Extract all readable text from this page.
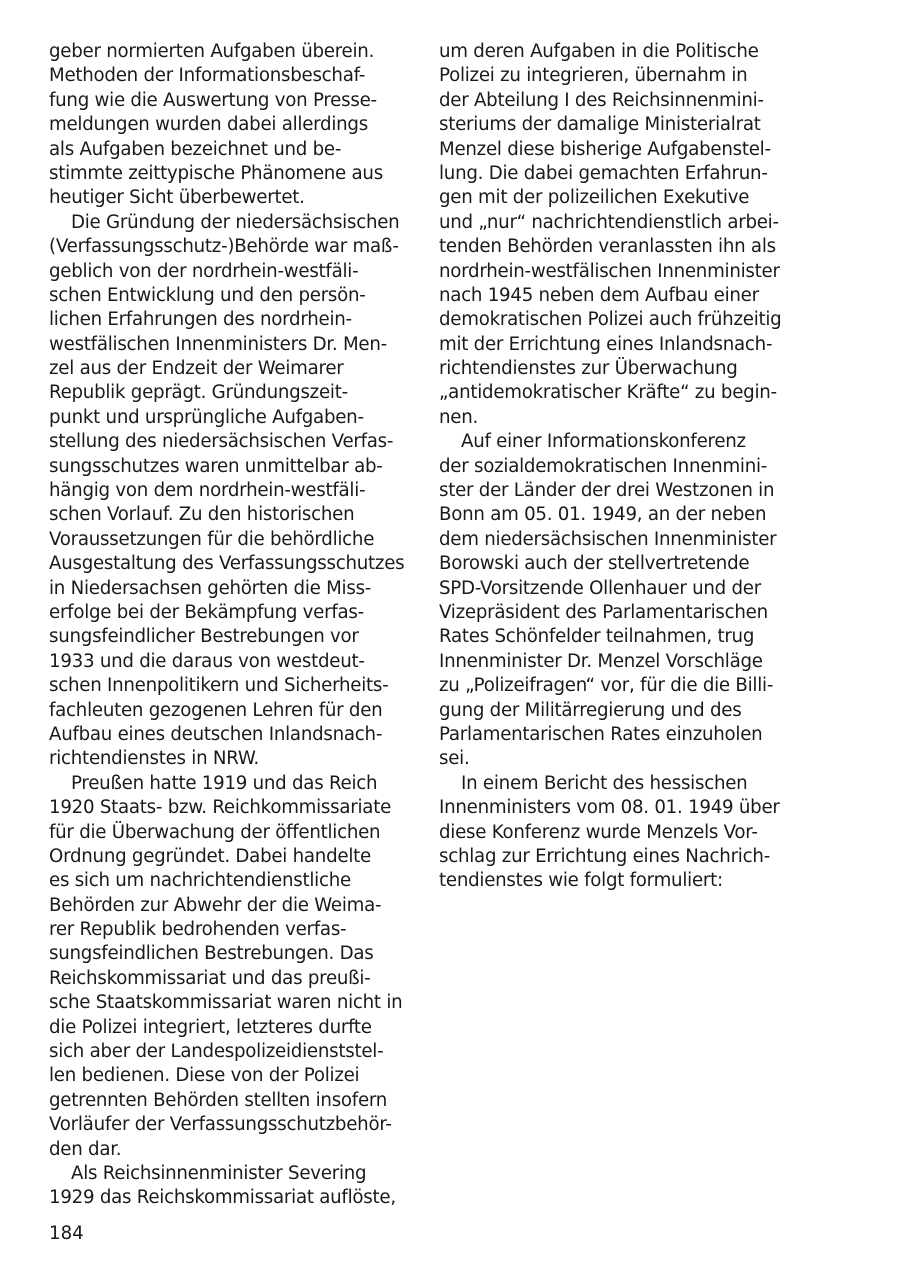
geber normierten Aufgaben überein.
Methoden der Informationsbeschaf-
fung wie die Auswertung von Presse-
meldungen wurden dabei allerdings
als Aufgaben bezeichnet und be-
stimmte zeittypische Phänomene aus
heutiger Sicht überbewertet.
Die Gründung der niedersächsischen
(Verfassungsschutz-)Behörde war maß-
geblich von der nordrhein-westfäli-
schen Entwicklung und den persön-
lichen Erfahrungen des nordrhein-
westfälischen Innenministers Dr. Men-
zel aus der Endzeit der Weimarer
Republik geprägt. Gründungszeit-
punkt und ursprüngliche Aufgaben-
stellung des niedersächsischen Verfas-
sungsschutzes waren unmittelbar ab-
hängig von dem nordrhein-westfäli-
schen Vorlauf. Zu den historischen
Voraussetzungen für die behördliche
Ausgestaltung des Verfassungsschutzes
in Niedersachsen gehörten die Miss-
erfolge bei der Bekämpfung verfas-
sungsfeindlicher Bestrebungen vor
1933 und die daraus von westdeut-
schen Innenpolitikern und Sicherheits-
fachleuten gezogenen Lehren für den
Aufbau eines deutschen Inlandsnach-
richtendienstes in NRW.
Preußen hatte 1919 und das Reich
1920 Staats- bzw. Reichkommissariate
für die Überwachung der öffentlichen
Ordnung gegründet. Dabei handelte
es sich um nachrichtendienstliche
Behörden zur Abwehr der die Weima-
rer Republik bedrohenden verfas-
sungsfeindlichen Bestrebungen. Das
Reichskommissariat und das preußi-
sche Staatskommissariat waren nicht in
die Polizei integriert, letzteres durfte
sich aber der Landespolizeidienststel-
len bedienen. Diese von der Polizei
getrennten Behörden stellten insofern
Vorläufer der Verfassungsschutzbehör-
den dar.
Als Reichsinnenminister Severing
1929 das Reichskommissariat auflöste,
um deren Aufgaben in die Politische
Polizei zu integrieren, übernahm in
der Abteilung I des Reichsinnenmini-
steriums der damalige Ministerialrat
Menzel diese bisherige Aufgabenstel-
lung. Die dabei gemachten Erfahrun-
gen mit der polizeilichen Exekutive
und „nur“ nachrichtendienstlich arbei-
tenden Behörden veranlassten ihn als
nordrhein-westfälischen Innenminister
nach 1945 neben dem Aufbau einer
demokratischen Polizei auch frühzeitig
mit der Errichtung eines Inlandsnach-
richtendienstes zur Überwachung
„antidemokratischer Kräfte“ zu begin-
nen.
Auf einer Informationskonferenz
der sozialdemokratischen Innenmini-
ster der Länder der drei Westzonen in
Bonn am 05. 01. 1949, an der neben
dem niedersächsischen Innenminister
Borowski auch der stellvertretende
SPD-Vorsitzende Ollenhauer und der
Vizepräsident des Parlamentarischen
Rates Schönfelder teilnahmen, trug
Innenminister Dr. Menzel Vorschläge
zu „Polizeifragen“ vor, für die die Billi-
gung der Militärregierung und des
Parlamentarischen Rates einzuholen
sei.
In einem Bericht des hessischen
Innenministers vom 08. 01. 1949 über
diese Konferenz wurde Menzels Vor-
schlag zur Errichtung eines Nachrich-
tendienstes wie folgt formuliert:
184
